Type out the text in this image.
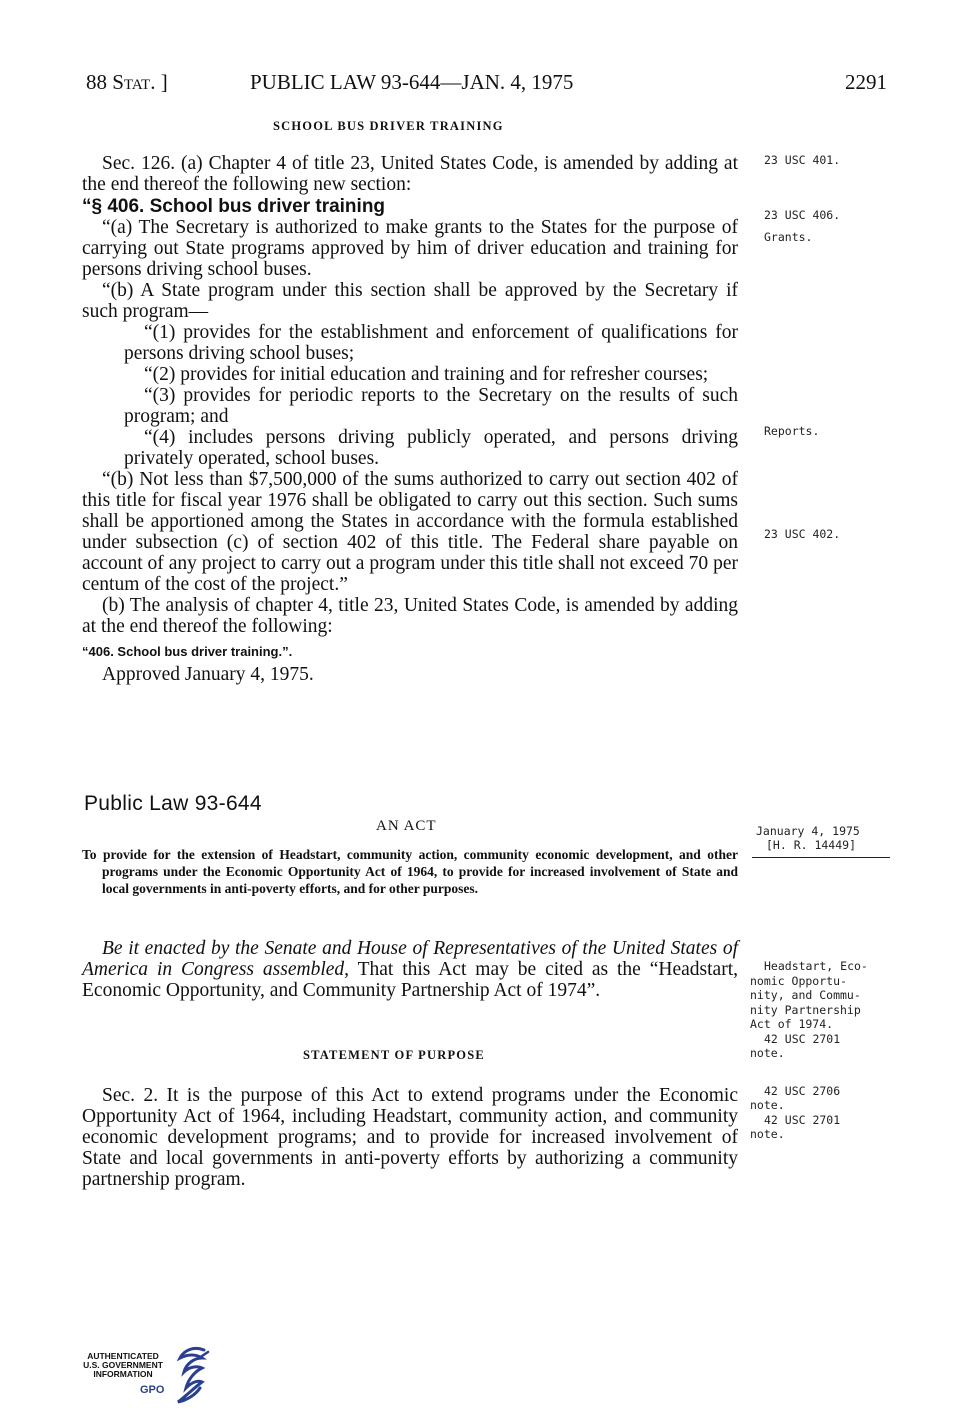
88 Stat. ]	PUBLIC LAW 93-644—JAN. 4, 1975	2291
SCHOOL BUS DRIVER TRAINING

Sec. 126. (a) Chapter 4 of title 23, United States Code, is amended by adding at the end thereof the following new section:

“§ 406. School bus driver training

“(a) The Secretary is authorized to make grants to the States for the purpose of carrying out State programs approved by him of driver education and training for persons driving school buses.

“(b) A State program under this section shall be approved by the Secretary if such program—

“(1) provides for the establishment and enforcement of qualifications for persons driving school buses;

“(2) provides for initial education and training and for refresher courses;

“(3) provides for periodic reports to the Secretary on the results of such program; and

“(4) includes persons driving publicly operated, and persons driving privately operated, school buses.

“(b) Not less than $7,500,000 of the sums authorized to carry out section 402 of this title for fiscal year 1976 shall be obligated to carry out this section. Such sums shall be apportioned among the States in accordance with the formula established under subsection (c) of section 402 of this title. The Federal share payable on account of any project to carry out a program under this title shall not exceed 70 per centum of the cost of the project.”

(b) The analysis of chapter 4, title 23, United States Code, is amended by adding at the end thereof the following:

“406. School bus driver training.”.

Approved January 4, 1975.

23 USC 401.
23 USC 406.
Grants.
Reports.
23 USC 402.
Public Law 93-644
AN ACT	January 4, 1975
[H. R. 14449]
To provide for the extension of Headstart, community action, community economic development, and other programs under the Economic Opportunity Act of 1964, to provide for increased involvement of State and local governments in anti-poverty efforts, and for other purposes.

Be it enacted by the Senate and House of Representatives of the United States of America in Congress assembled, That this Act may be cited as the “Headstart, Economic Opportunity, and Community Partnership Act of 1974”.

STATEMENT OF PURPOSE

Sec. 2. It is the purpose of this Act to extend programs under the Economic Opportunity Act of 1964, including Headstart, community action, and community economic development programs; and to provide for increased involvement of State and local governments in anti-poverty efforts by authorizing a community partnership program.

Headstart, Eco-
nomic Opportu-
nity, and Commu-
nity Partnership
Act of 1974.
42 USC 2701
note.
42 USC 2706
note.
42 USC 2701
note.
AUTHENTICATED
U.S. GOVERNMENT
INFORMATION
GPO
